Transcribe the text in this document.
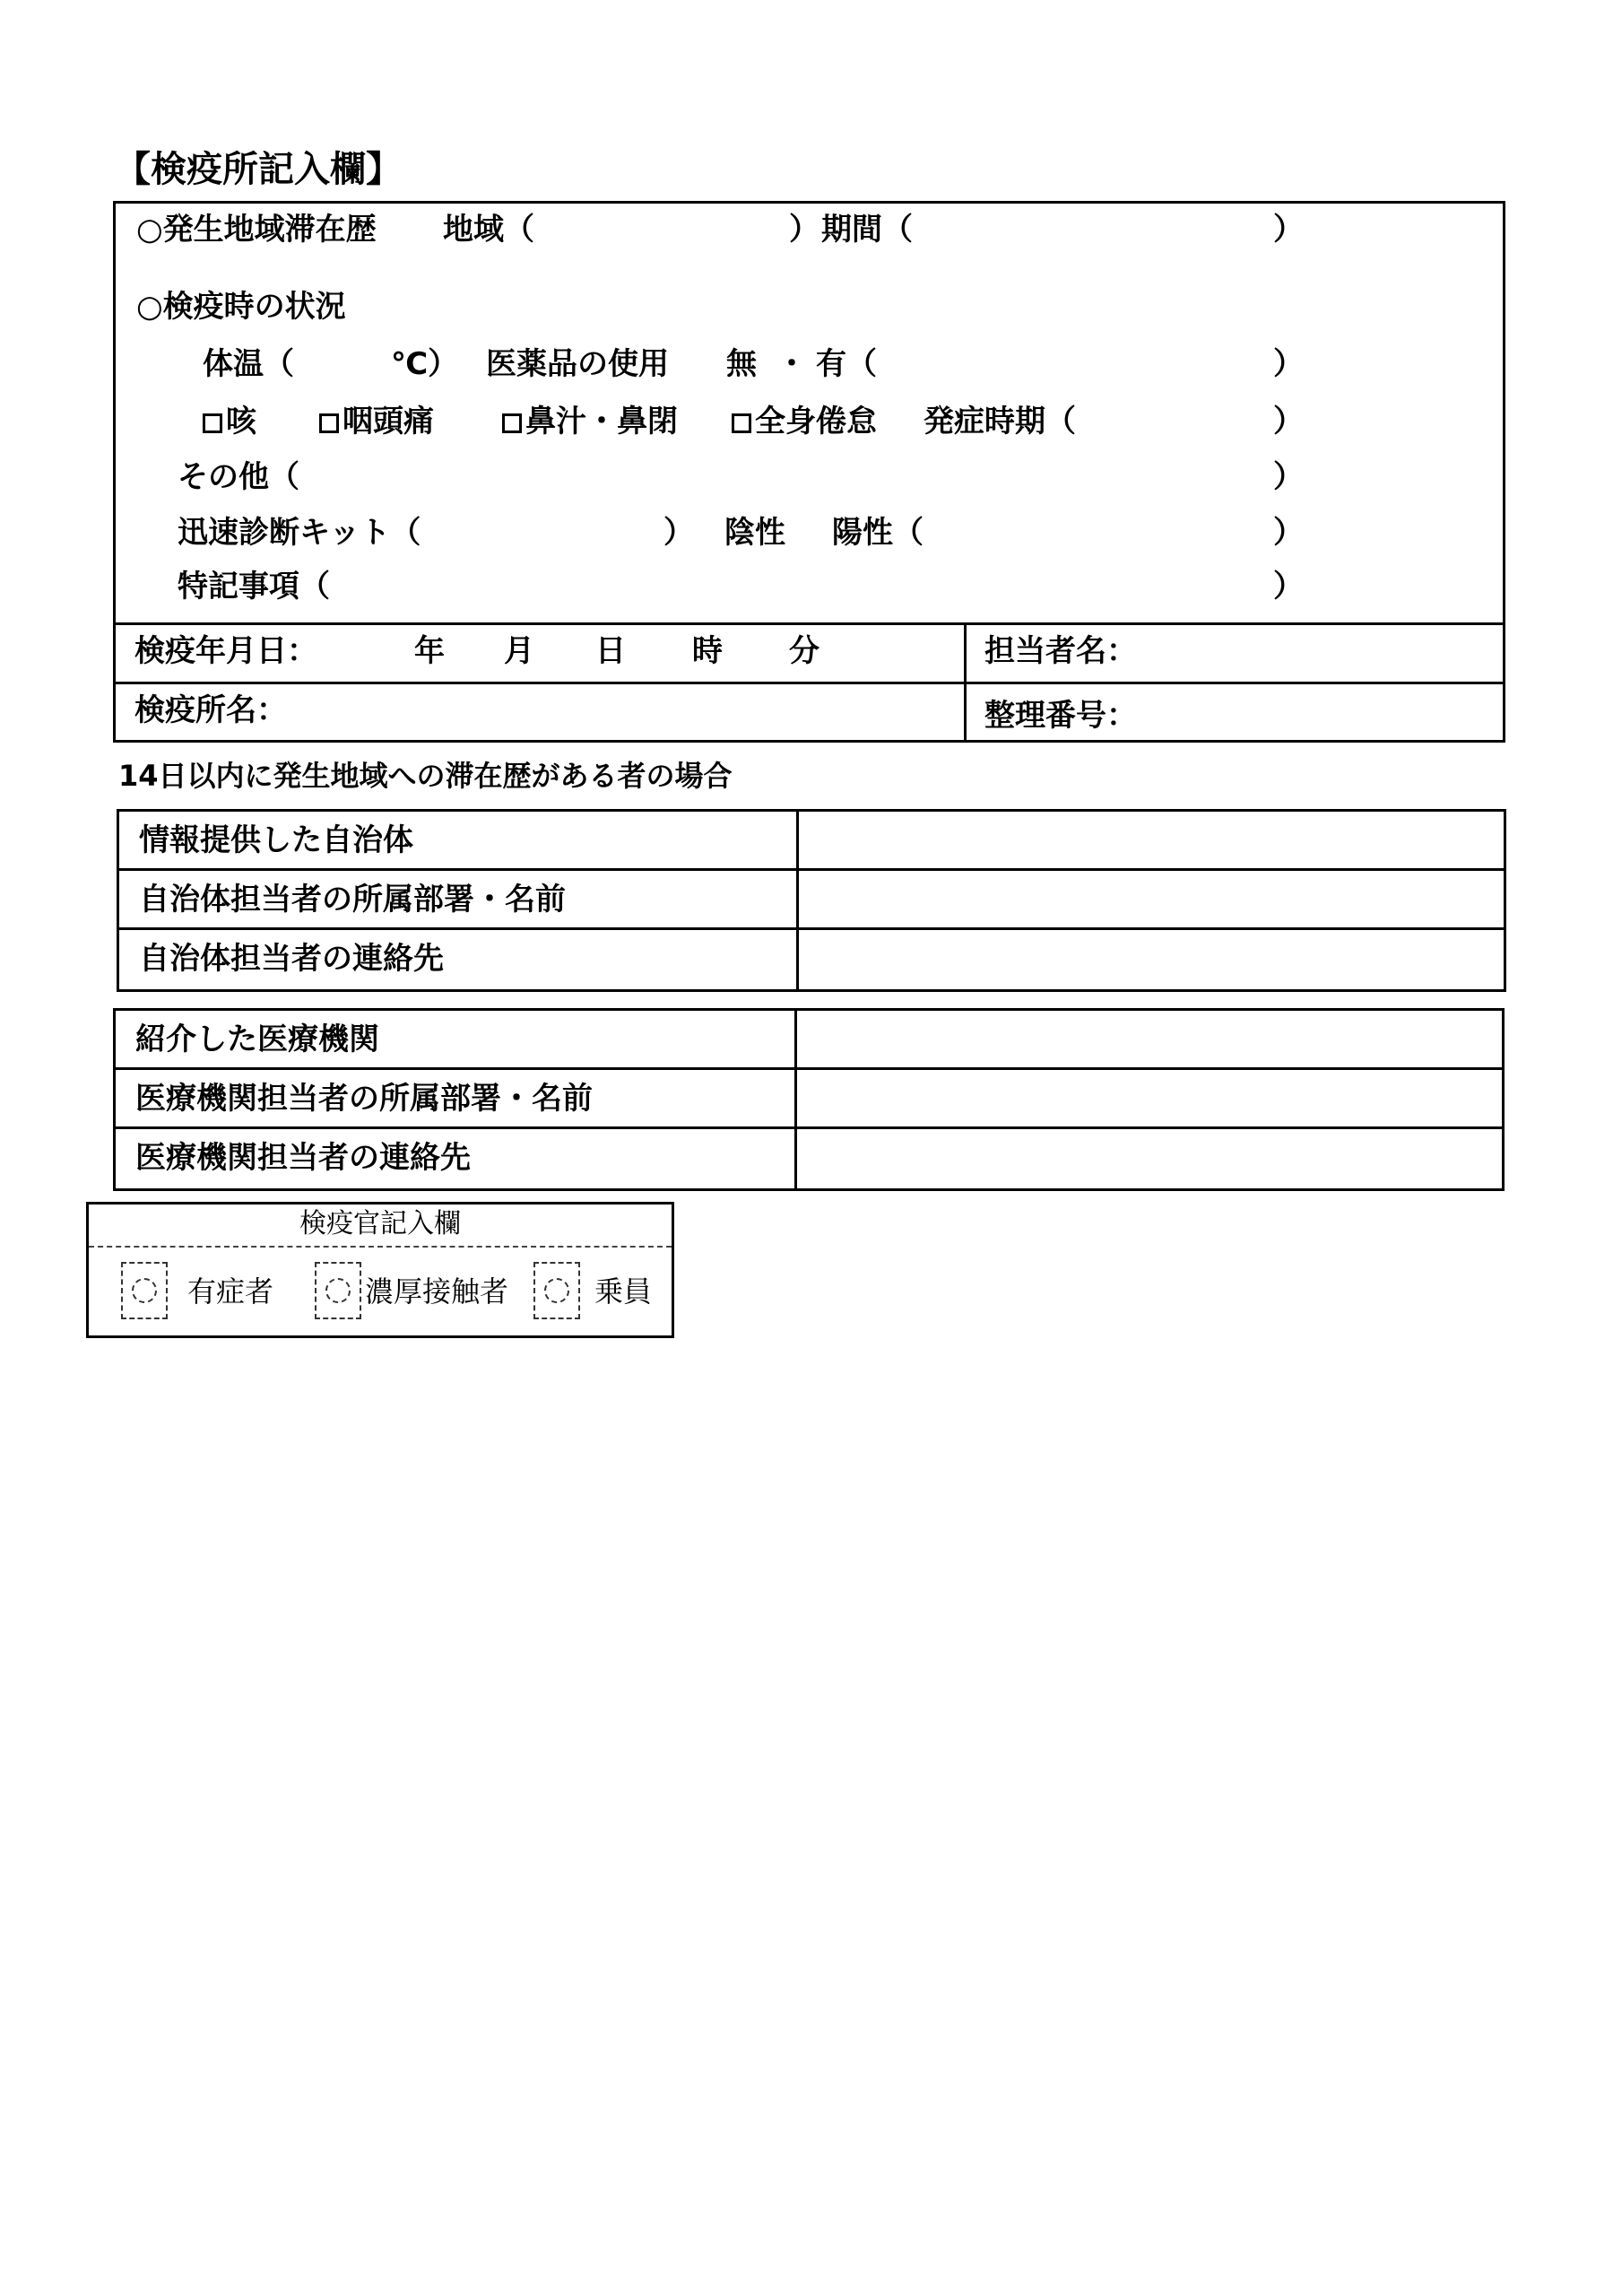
【検疫所記入欄】
○発生地域滞在歴 地域（	） 期間（	）
○検疫時の状況
体温（	℃） 医薬品の使用 無 ・ 有（	）
咳	咽頭痛	鼻汁・鼻閉	全身倦怠 発症時期（	）
その他（	）
迅速診断キット（	） 陰性 陽性（	）
特記事項（	）
検疫年月日：	年 月 日 時 分	担当者名：
検疫所名：	整理番号：
14日以内に発生地域への滞在歴がある者の場合
情報提供した自治体
自治体担当者の所属部署・名前
自治体担当者の連絡先
紹介した医療機関
医療機関担当者の所属部署・名前
医療機関担当者の連絡先
検疫官記入欄
有症者	濃厚接触者	乗員
